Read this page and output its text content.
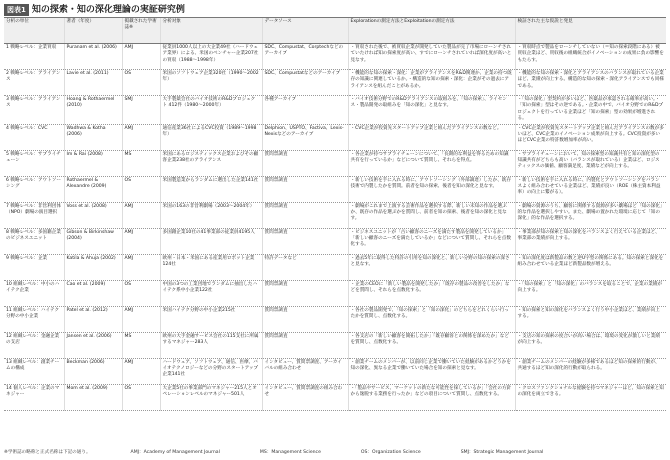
図表1 知の探索・知の深化理論の実証研究例
分析の単位	著者（年度）	掲載された学術誌※	分析対象	データソース	Explorationの測定方法とExploitationの測定方法	検証された主な仮説と発見
1 戦略レベル：企業買収	Puranam et al. (2006)	AMJ	従業員1000人以上の大企業49社（ハードウェア業界）による、米国のベンチャー企業207社の買収（1988～1998年）	SDC、Compustat、Corptechなどのアーカイブ	・買収された後で、被買収企業が開発していた製品が完了市場にローンチされていたければ知の探索度が高い、すでにローンチされていれば深化度が高いと見なす。	・買収時点で製品をローンチしていない（＝知の探索段階にある）被買収企業ほど、買収後の組織統合がイノベーションの成果に負の影響をもたらす。
2 戦略レベル：アライアンス	Lavie et al. (2011)	OS	米国のソフトウェア企業320社（1990～2002年）	SDC、Compustatなどのアーカイブ	・機能的な知の探索・深化：企業がアライアンスをR&D関連か、企業の持つ既存の知識に関連しているか。・構造的な知の探索・深化：企業がその過去にアライアンスを組んだことがあるか。	・機能的な知の探索・深化とアライアンスのバランスが取れている企業ほど、業績が向上する。構造的な知の探索・深化アライアンスでも同様である。
3 戦略レベル：アライアンス	Hoang & Rothaermel (2010)	SMJ	大手製薬会社のバイオ技術のR&Dプロジェクト 412件（1980～2000年）	各種アーカイブ	・バイオ技術分野でのR&Dアライアンスの取組みを、「知の探索」、ライセンス・製品開発の取組みを「知の深化」と見なす。	・「知の深化」型契約が多いほど、医薬品が承認される確率が高い。・「知の探索」型はその逆である。・企業の中で、バイオ分野でのR&Dプロジェクトを行っている企業ほど「知の探索」型の効果が増進される。
4 戦略レベル：CVC	Wadhwa & Kotha (2006)	AMJ	通信産業36社によるCVC投資（1989～1998年）	Delphion、USPTO、Factiva、Lexis-Nexisなどのアーカイブ	・CVC企業が投資先スタートアップ企業と組んだアライアンスの数など。	・CVC企業が投資先スタートアップ企業と組んだアライアンスの数が多いほど、CVC企業のイノベーション成果が向上する。CVC投資が多いほどCVC企業の特許数増加率が高い。
5 戦略レベル：サプライチェーン	Im & Rai (2008)	MS	米国にあるロジスティックス企業およびその顧客企業238社のアライアンス	質問票調査	・各企業が持つサプライチェーンについて、「長期的な利益を得るための知識共有を行っているか」などについて質問し、それらを得点。	・サプライチェーンにおいて、知の探索型の知識共有と知の深化型の知識共有がどちらも高い（バランスが取れている）企業ほど、ロジスティックスの価値、顧客満足度、業績などが向上する。
6 戦略レベル：アウトソーシング	Rothaermel & Alexandre (2009)	OS	米国製造業からランダムに選出した企業141社	質問票調査	・新しい技術を手に入れる時に、アウトソーシング（外部調達）したか、既存技術で内製したかを質問。前者を知の探索、後者を知の深化と見なす。	・新しい技術を手に入れる時に、内製化とアウトソーシングをバランスよく組み合わせている企業ほど、業績が良い（ROE（株主資本利益率）の向上に繋がる）。
7 戦略レベル：非営利団体（NPO）劇場の演目選択	Voss et al. (2008)	AMJ	米国の163の非営利劇場（2003～2004年）	質問票調査	・劇場がこれまで上演する芸術作品を選択する際、新しい未知の作品を選ぶか、既存の作品を選ぶかを質問し、前者を知の探索、後者を知の深化と見なす。	・劇場の資源のうち、顧客に関係する資源が多い劇場ほど「知の深化」的な作品を選択しやすい。また、劇場の置かれた環境に応じて「知の深化」的な作品を選択する。
8 戦略レベル：多国籍企業のビジネスユニット	Gibson & Birkinshaw (2004)	AMJ	多国籍企業10社の41事業部の従業員4195人	質問票調査	・ビジネスユニットが「古い顧客のニーズを満たす製品を開発しているか」「新しい顧客のニーズを満たしているか」などについて質問し、それらを点数化する。	・事業部が知の探索と知の深化をバランスよく行えている企業ほど、事業部の業績が向上する。
9 戦略レベル：企業	Katila & Ahuja (2002)	AMJ	欧州・日本・米国にある産業用ロボット企業124社	特許データなど	・過去5年に取得した特許の引用を知の深化と、新しい分野の知の探索の深さと見なす。	・知の深化度は新製品の数と逆U字型の関係にある。知の探索と深化を組み合わせている企業ほど新製品数が増える。
10 組織レベル：中小のハイテク企業	Cao et al. (2009)	OS	中国の3つの工業団地でランダムに抽出したハイテク系中小企業122社	質問票調査	・企業のCEOに「新しい製品を開発したか」「既存の製品の改善をしたか」などを質問し、それらを点数化する。	・「知の探索」と「知の深化」のバランスを取ることで、企業の業績が向上する。
11 組織レベル：ハイテク分野の中小企業	Patel et al. (2012)	AMJ	米国ハイテク分野の中小企業215社	質問票調査	・各社の製品開発で、「知の探索」と「知の深化」のどちらをどれくらい行ったかを質問し、点数化する。	・知の探索と知の深化をバランスよく行う中小企業ほど、業績が向上する。
12 組織レベル：金融企業の支店	Jansen et al. (2006)	MS	欧州の大手金融サービス会社の115支社に所属するマネジャー283人	質問票調査	・各支店の「新しい顧客を開拓したか」「既存顧客との関係を深めたか」などを質問し、点数化する。	・支店の知の探索の度合いが高い場合は、環境の変化が激しいと業績が向上する。
13 組織レベル：創業チームの構成	Beckman (2006)	AMJ	ハードウェア、ソフトウェア、通信、医療、バイオテクノロジーなどの分野のスタートアップ企業141社	インタビュー、質問票調査、アーカイバルの組み合わせ	・創業チームのメンバーが、以前同じ企業で働いていた経験があるかどうかを知の深化、異なる企業で働いていた場合を知の探索と見なす。	・創業チームのメンバーの経験が多様であるほど知の探索的行動が、共通するほど知の深化的行動が取られる。
14 個人レベル：企業のマネジャー	Mom et al. (2009)	OS	大企業5社の事業部門のマネジャー215人とオペレーションレベルのマネジャー501人	インタビュー、質問票調査の組み合わせ	・「製品やサービス、マーケットの新たな可能性を探しているか」「会社の方針から逸脱する業務を行ったか」などの項目について質問し、点数化する。	・クロスファンクショナルな経験を持つマネジャーほど、知の探索と知の深化を両立できる。
※学術誌の略称と正式名称は下記の通り。	AMJ：Academy of Management Journal	MS：Management Science	OS：Organization Science	SMJ：Strategic Management Journal
